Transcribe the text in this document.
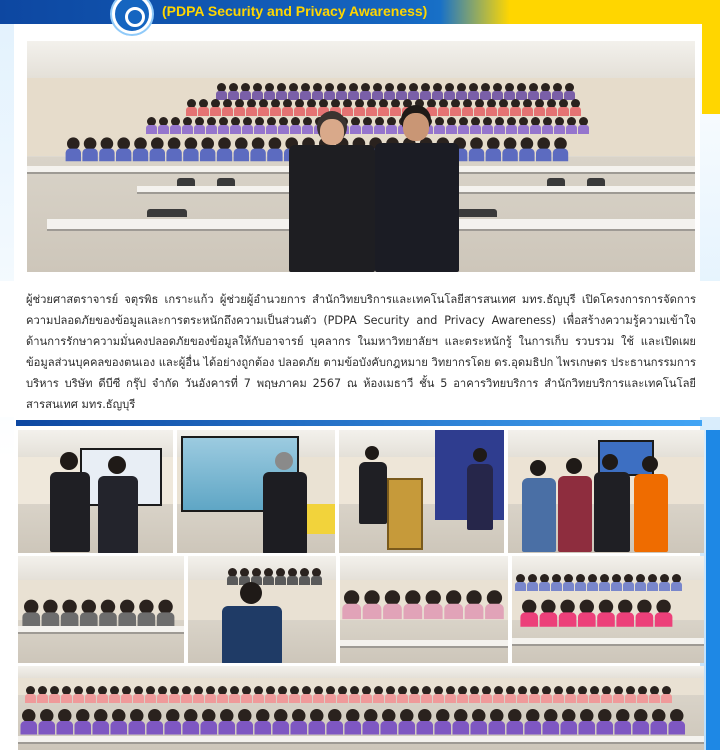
(PDPA Security and Privacy Awareness)
ผู้ช่วยศาสตราจารย์ จตุรพิธ เกราะแก้ว ผู้ช่วยผู้อำนวยการ สำนักวิทยบริการและเทคโนโลยีสารสนเทศ มทร.ธัญบุรี เปิดโครงการการจัดการความปลอดภัยของข้อมูลและการตระหนักถึงความเป็นส่วนตัว (PDPA Security and Privacy Awareness) เพื่อสร้างความรู้ความเข้าใจด้านการรักษาความมั่นคงปลอดภัยของข้อมูลให้กับอาจารย์ บุคลากร ในมหาวิทยาลัยฯ และตระหนักรู้ ในการเก็บ รวบรวม ใช้ และเปิดเผยข้อมูลส่วนบุคคลของตนเอง และผู้อื่น ได้อย่างถูกต้อง ปลอดภัย ตามข้อบังคับกฎหมาย วิทยากรโดย ดร.อุดมธิปก ไพรเกษตร ประธานกรรมการบริหาร บริษัท ดีบีซี กรุ๊ป จำกัด วันอังคารที่ 7 พฤษภาคม 2567 ณ ห้องเมธาวี ชั้น 5 อาคารวิทยบริการ สำนักวิทยบริการและเทคโนโลยีสารสนเทศ มทร.ธัญบุรี
